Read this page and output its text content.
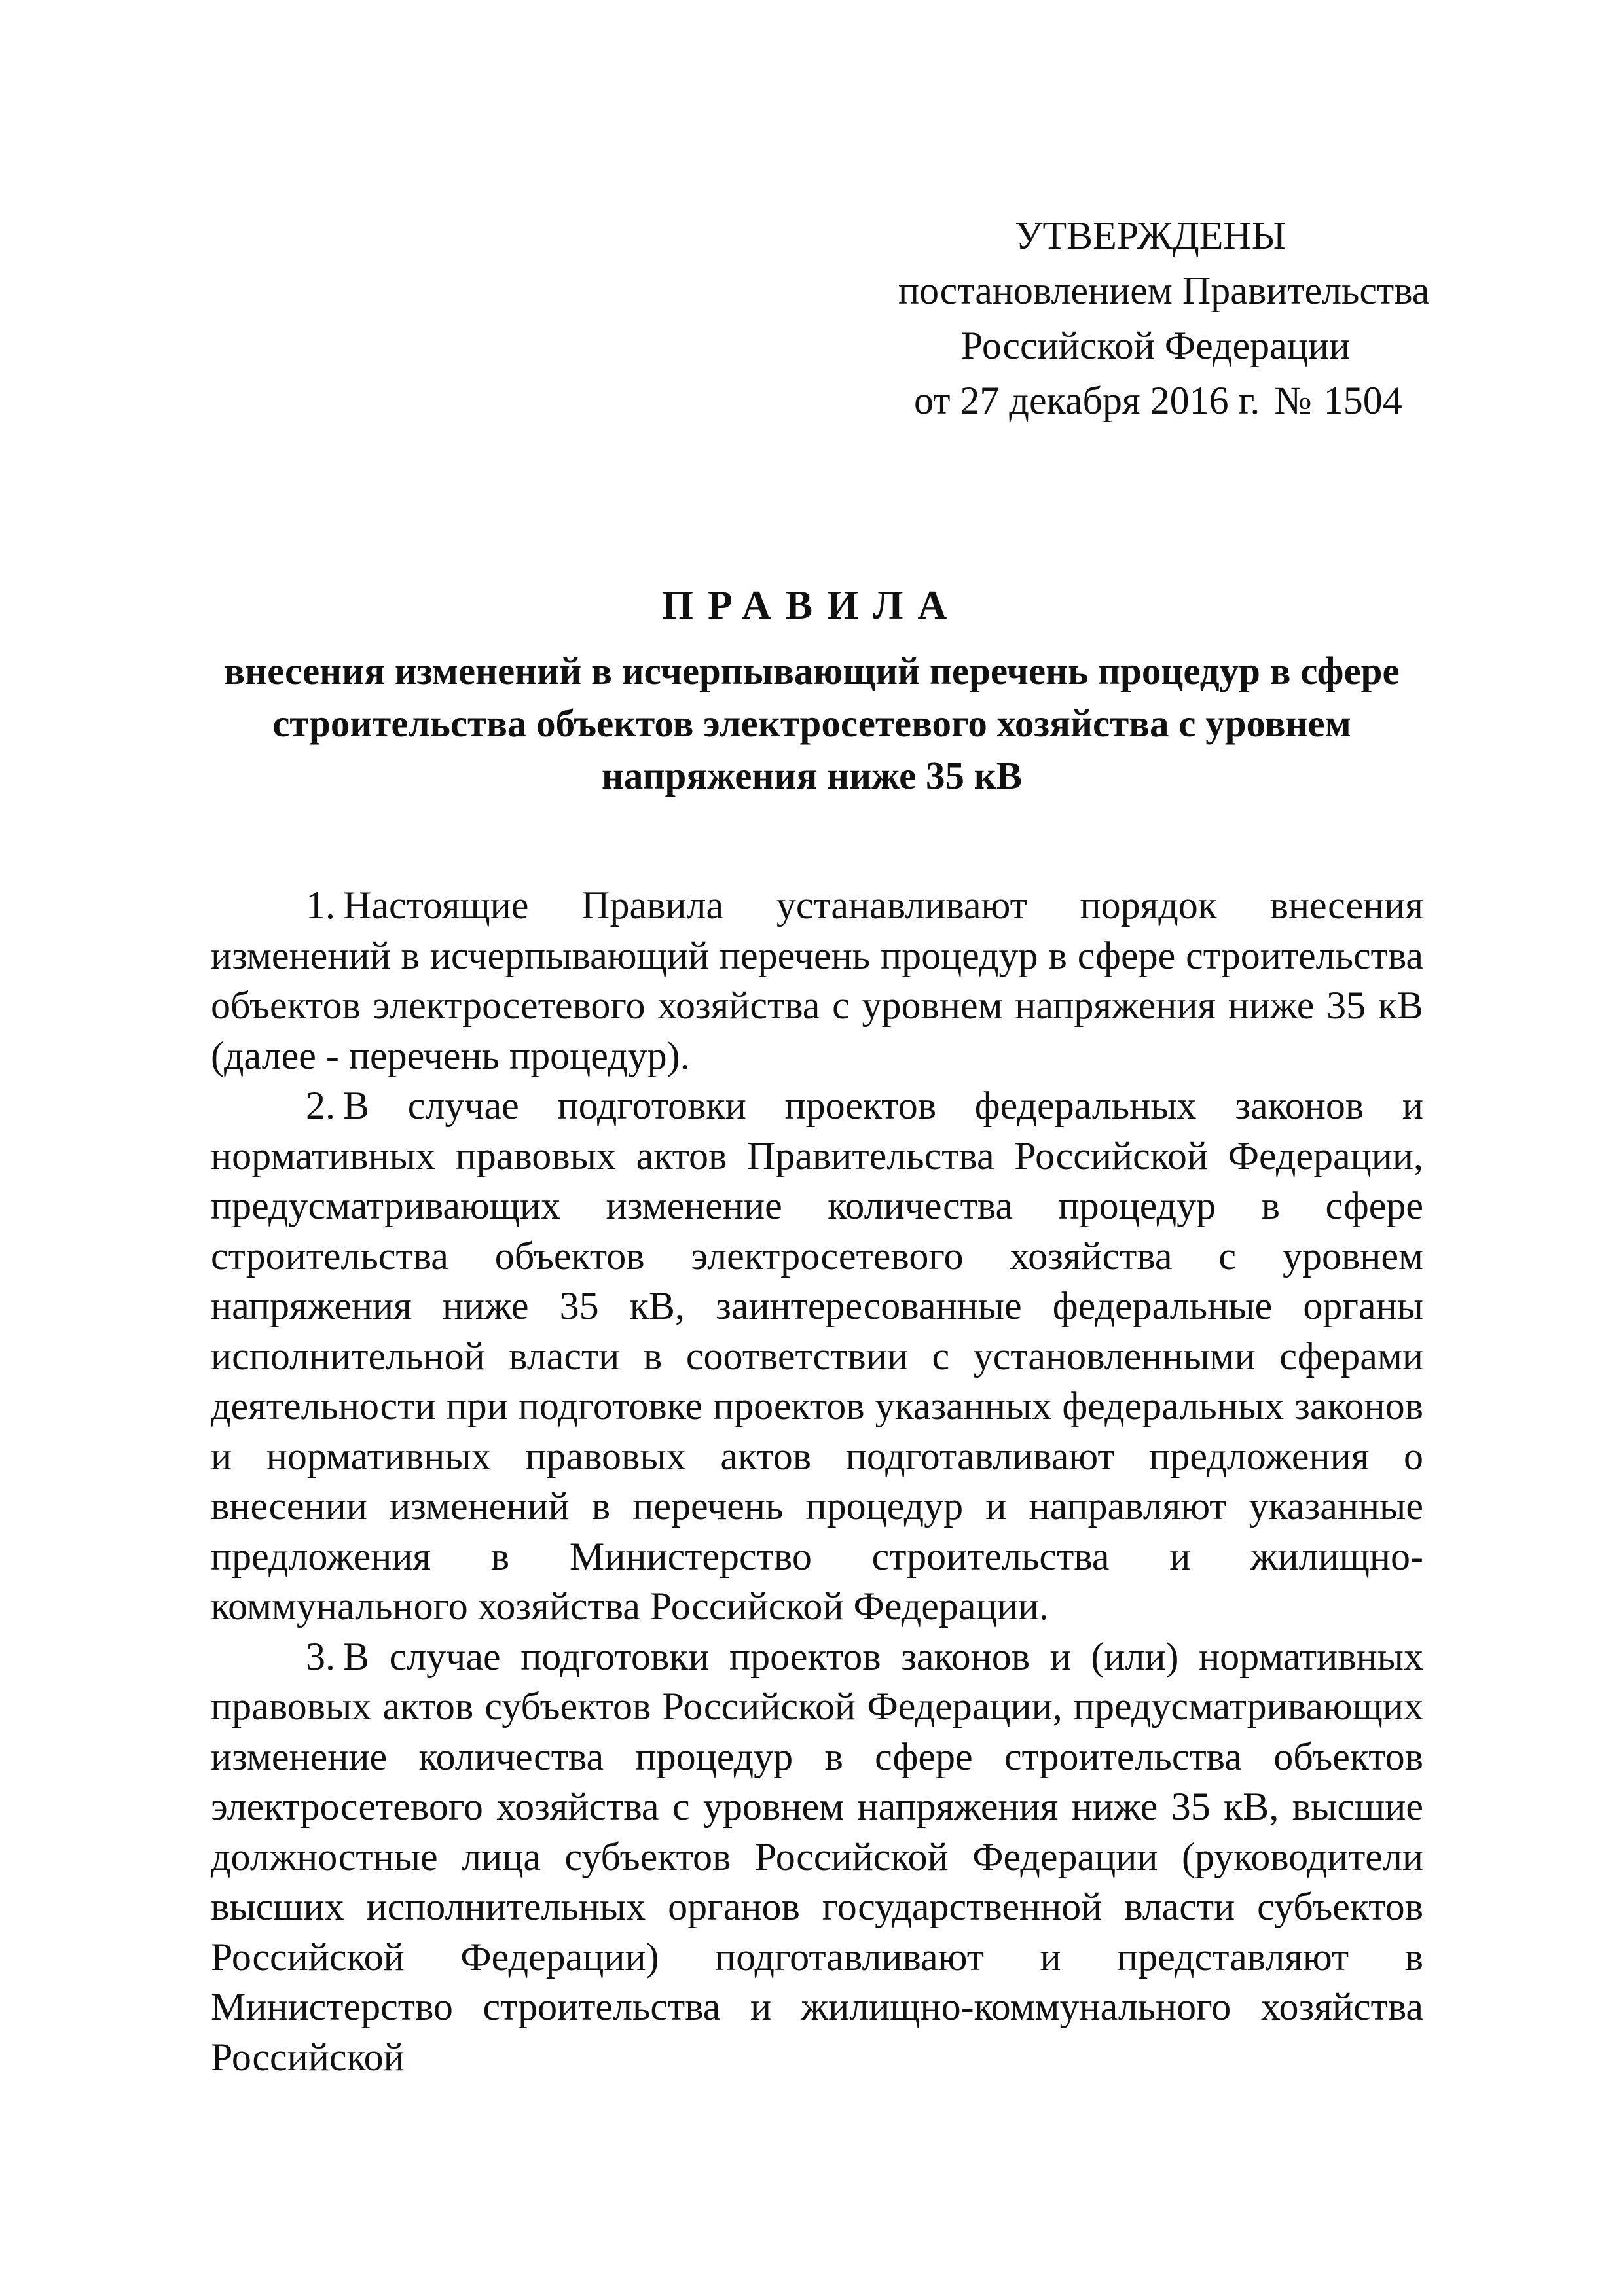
УТВЕРЖДЕНЫ
постановлением Правительства
Российской Федерации
от 27 декабря 2016 г. № 1504
ПРАВИЛА
внесения изменений в исчерпывающий перечень процедур в сфере строительства объектов электросетевого хозяйства с уровнем напряжения ниже 35 кВ

1. Настоящие Правила устанавливают порядок внесения изменений в исчерпывающий перечень процедур в сфере строительства объектов электросетевого хозяйства с уровнем напряжения ниже 35 кВ (далее - перечень процедур).

2. В случае подготовки проектов федеральных законов и нормативных правовых актов Правительства Российской Федерации, предусматривающих изменение количества процедур в сфере строительства объектов электросетевого хозяйства с уровнем напряжения ниже 35 кВ, заинтересованные федеральные органы исполнительной власти в соответствии с установленными сферами деятельности при подготовке проектов указанных федеральных законов и нормативных правовых актов подготавливают предложения о внесении изменений в перечень процедур и направляют указанные предложения в Министерство строительства и жилищно-коммунального хозяйства Российской Федерации.

3. В случае подготовки проектов законов и (или) нормативных правовых актов субъектов Российской Федерации, предусматривающих изменение количества процедур в сфере строительства объектов электросетевого хозяйства с уровнем напряжения ниже 35 кВ, высшие должностные лица субъектов Российской Федерации (руководители высших исполнительных органов государственной власти субъектов Российской Федерации) подготавливают и представляют в Министерство строительства и жилищно-коммунального хозяйства Российской
